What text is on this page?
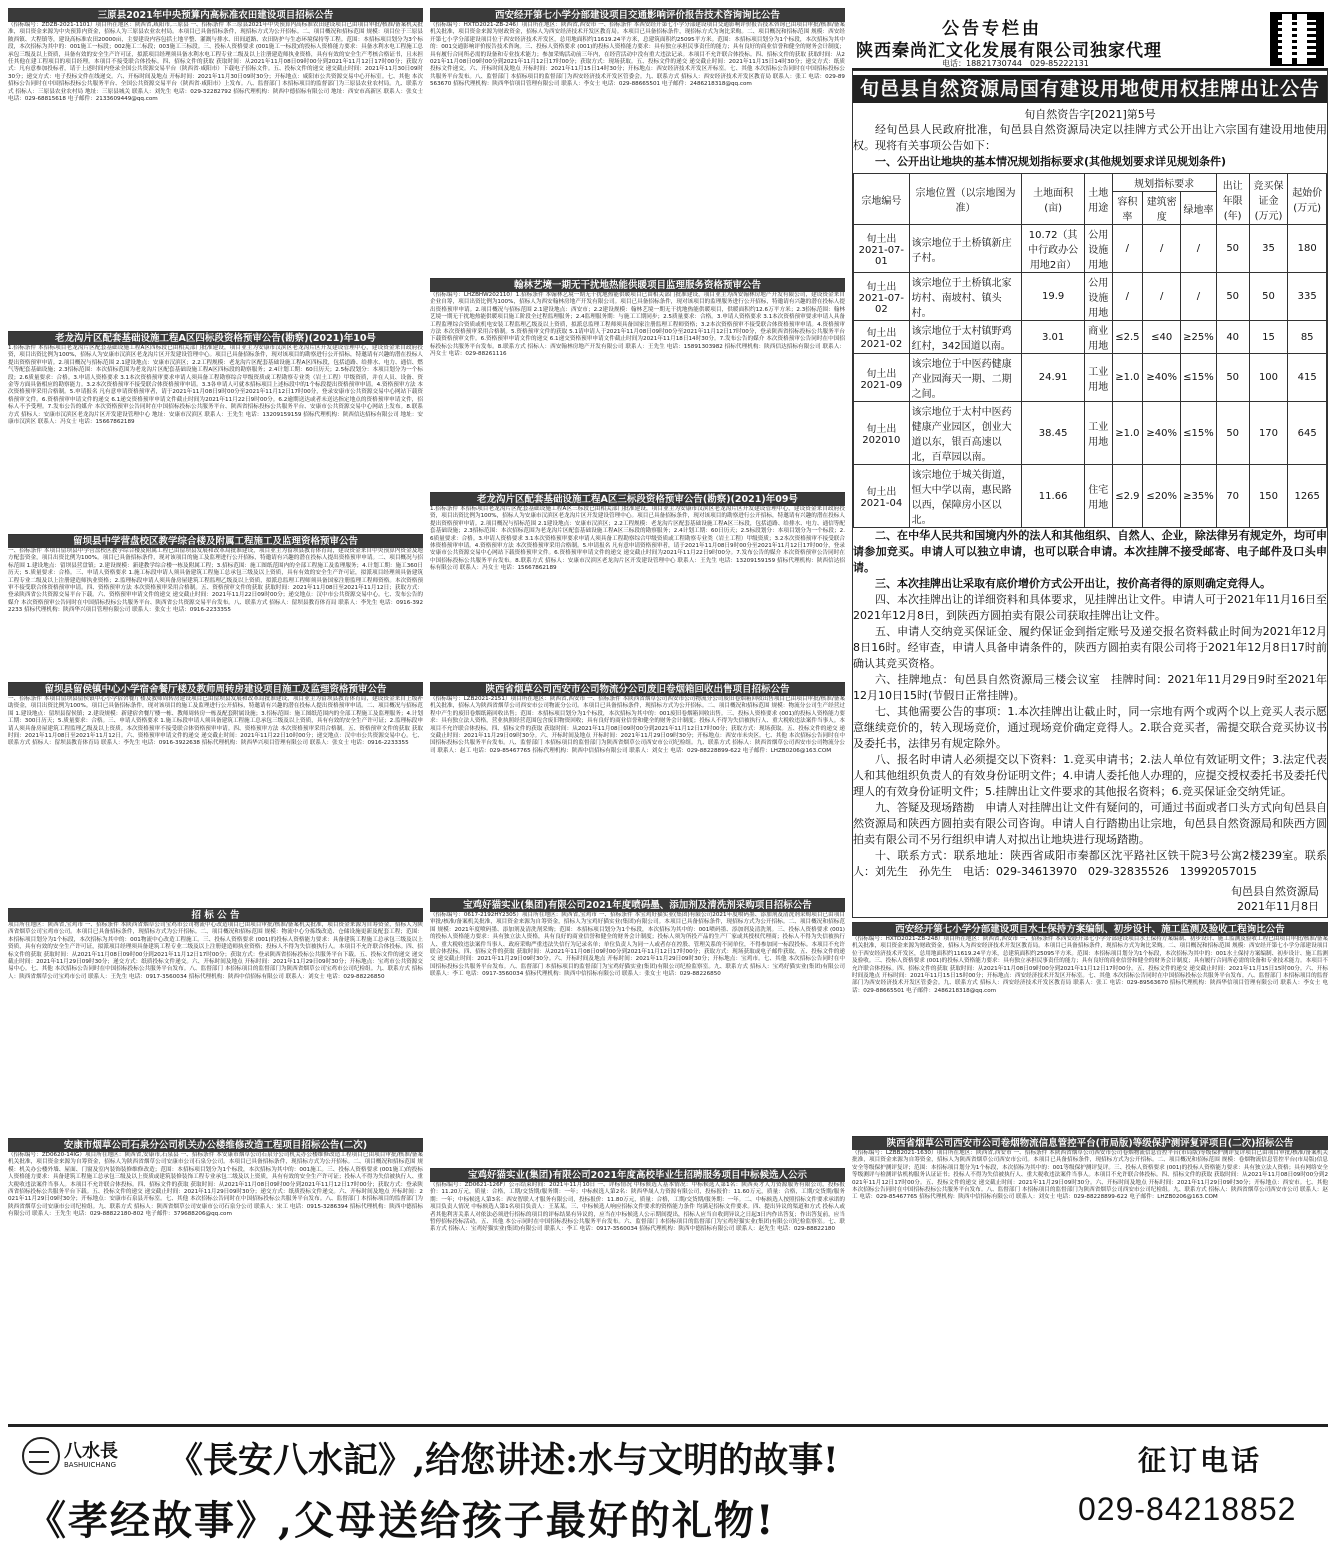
三原县2021年中央预算内高标准农田建设项目招标公告
（招标编号：ZDZB-2021-1101）项目所在地区：陕西省,咸阳市,三原县 一、招标条件 本三原县2021年中央预算内高标准农田建设项目已由项目审批/核准/备案机关批准，项目资金来源为中央预算内资金，招标人为三原县农业农村局。本项目已具备招标条件，现招标方式为公开招标。二、项目概况和招标范围 规模：项目位于三原县陂西镇、大程镇等，建设高标准农田20000亩，主要建设内容包括土地平整、灌溉与排水、田间道路、农田防护与生态环境保持等工程。范围：本招标项目划分为3个标段，本次招标为其中的：001施工一标段；002施工二标段；003施工三标段。三、投标人资格要求 (001施工一标段)的投标人资格能力要求：具备水利水电工程施工总承包三级及以上资质，具备有效的安全生产许可证，拟派项目经理须具备水利水电工程专业二级及以上注册建造师执业资格，具有有效的安全生产考核合格证书，且未担任其他在建工程项目的项目经理。本项目不接受联合体投标。四、招标文件的获取 获取时间：从2021年11月08日09时00分到2021年11月12日17时00分；获取方式：凡有意参加投标者，请于上述时间内登录全国公共资源交易平台（陕西省·咸阳市）下载电子招标文件。五、投标文件的递交 递交截止时间：2021年11月30日09时30分；递交方式：电子投标文件在线递交。六、开标时间及地点 开标时间：2021年11月30日09时30分；开标地点：咸阳市公共资源交易中心开标室。七、其他 本次招标公告同时在中国招标投标公共服务平台、全国公共资源交易平台（陕西省·咸阳市）上发布。八、监督部门 本招标项目的监督部门为三原县农业农村局。九、联系方式 招标人：三原县农业农村局 地址：三原县城关 联系人：刘先生 电话：029-32282792 招标代理机构：陕西中德招标有限公司 地址：西安市高新区 联系人：张女士 电话：029-68815618 电子邮件：2133609449@qq.com
老龙沟片区配套基础设施工程A区四标段资格预审公告(勘察)(2021)年10号
1.招标条件 本招标项目老龙沟片区配套基础设施工程A区四标段已由相关部门批准建设，项目业主为安康市汉滨区老龙沟片区开发建设管理中心，建设资金来自政府投资，项目出资比例为100%，招标人为安康市汉滨区老龙沟片区开发建设管理中心。项目已具备招标条件，现对该项目的勘察进行公开招标，特邀请有兴趣的潜在投标人提出资格预审申请。2.项目概况与招标范围 2.1建设地点：安康市汉滨区；2.2工程规模：老龙沟片区配套基础设施工程A区四标段，包括道路、给排水、电力、通信、燃气等配套基础设施；2.3招标范围：本次招标范围为老龙沟片区配套基础设施工程A区四标段的勘察服务；2.4计划工期：60日历天；2.5标段划分：本项目划分为一个标段；2.6质量要求：合格。3.申请人资格要求 3.1本次资格预审要求申请人须具备工程勘察综合甲级资质或工程勘察专业类（岩土工程）甲级资质，并在人员、设备、资金等方面具备相应的勘察能力。3.2本次资格预审不接受联合体资格预审申请。3.3各申请人可就本招标项目上述标段中的1个标段提出资格预审申请。4.资格预审方法 本次资格预审采用合格制。5.申请报名 凡有意申请资格预审者，请于2021年11月08日9时00分至2021年11月12日17时00分，登录安康市公共资源交易中心网站下载资格预审文件。6.资格预审申请文件的递交 6.1递交资格预审申请文件截止时间为2021年11月22日9时00分。6.2逾期送达或者未送达指定地点的资格预审申请文件，招标人不予受理。7.发布公告的媒介 本次资格预审公告同时在中国招标投标公共服务平台、陕西省招标投标公共服务平台、安康市公共资源交易中心网站上发布。8.联系方式 招标人：安康市汉滨区老龙沟片区开发建设管理中心 地址：安康市汉滨区 联系人：王先生 电话：13209159159 招标代理机构：陕西信达招标有限公司 地址：安康市汉滨区 联系人：冯女士 电话：15667862189
留坝县中学营盘校区教学综合楼及附属工程施工及监理资格预审公告
一、招标条件 本项目留坝县中学营盘校区教学综合楼及附属工程已由留坝县发展和改革局批准建设，项目业主为留坝县教育体育局，建设资金来自中央预算内资金及地方配套资金，项目出资比例为100%。项目已具备招标条件，现对该项目的施工及监理进行公开招标，特邀请有兴趣的潜在投标人提出资格预审申请。二、项目概况与招标范围 1.建设地点：留坝县营盘镇；2.建设规模：新建教学综合楼一栋及附属工程；3.招标范围：施工图纸范围内的全部工程施工及监理服务；4.计划工期：施工360日历天；5.质量要求：合格。三、申请人资格要求 1.施工标段申请人须具备建筑工程施工总承包三级及以上资质，具有有效的安全生产许可证，拟派项目经理须具备建筑工程专业二级及以上注册建造师执业资格；2.监理标段申请人须具备房屋建筑工程监理乙级及以上资质，拟派总监理工程师须具备国家注册监理工程师资格。本次资格预审不接受联合体资格预审申请。四、资格预审方法 本次资格预审采用合格制。五、资格预审文件的获取 获取时间：2021年11月08日至2021年11月12日；获取方式：登录陕西省公共资源交易平台下载。六、资格预审申请文件的递交 递交截止时间：2021年11月22日09时00分；递交地点：汉中市公共资源交易中心。七、发布公告的媒介 本次资格预审公告同时在中国招标投标公共服务平台、陕西省公共资源交易平台发布。八、联系方式 招标人：留坝县教育体育局 联系人：李先生 电话：0916-3922233 招标代理机构：陕西华兴项目管理有限公司 联系人：张女士 电话：0916-2233355
留坝县留侯镇中心小学宿舍餐厅楼及教师周转房建设项目施工及监理资格预审公告
一、招标条件 本项目留坝县留侯镇中心小学宿舍餐厅楼及教师周转房建设项目已由留坝县发展和改革局批准建设，项目业主为留坝县教育体育局，建设资金来自上级补助资金，项目出资比例为100%。项目已具备招标条件，现对该项目的施工及监理进行公开招标，特邀请有兴趣的潜在投标人提出资格预审申请。二、项目概况与招标范围 1.建设地点：留坝县留侯镇；2.建设规模：新建宿舍餐厅楼一栋、教师周转房一栋及配套附属设施；3.招标范围：施工图纸范围内的全部工程施工及监理服务；4.计划工期：300日历天；5.质量要求：合格。三、申请人资格要求 1.施工标段申请人须具备建筑工程施工总承包三级及以上资质，具有有效的安全生产许可证；2.监理标段申请人须具备房屋建筑工程监理乙级及以上资质。本次资格预审不接受联合体资格预审申请。四、资格预审方法 本次资格预审采用合格制。五、资格预审文件的获取 获取时间：2021年11月08日至2021年11月12日。六、资格预审申请文件的递交 递交截止时间：2021年11月22日10时00分；递交地点：汉中市公共资源交易中心。七、联系方式 招标人：留坝县教育体育局 联系人：李先生 电话：0916-3922638 招标代理机构：陕西华兴项目管理有限公司 联系人：张女士 电话：0916-2233355
招 标 公 告
项目所在地区：陕西省,宝鸡市 一、招标条件 本陕西省烟草公司宝鸡市公司物流中心改造项目已由项目审批/核准/备案机关批准，项目资金来源为自筹资金，招标人为陕西省烟草公司宝鸡市公司。本项目已具备招标条件，现招标方式为公开招标。二、项目概况和招标范围 规模：物流中心分拣线改造、仓储设施更新及配套工程；范围：本招标项目划分为1个标段，本次招标为其中的：001物流中心改造工程施工。三、投标人资格要求 (001)的投标人资格能力要求：具备建筑工程施工总承包三级及以上资质，具有有效的安全生产许可证，拟派项目经理须具备建筑工程专业二级及以上注册建造师执业资格；投标人不得为失信被执行人。本项目不允许联合体投标。四、招标文件的获取 获取时间：从2021年11月08日09时00分到2021年11月12日17时00分；获取方式：登录陕西省招标投标公共服务平台下载。五、投标文件的递交 递交截止时间：2021年11月29日09时30分；递交方式：纸质投标文件递交。六、开标时间及地点 开标时间：2021年11月29日09时30分；开标地点：宝鸡市公共资源交易中心。七、其他 本次招标公告同时在中国招标投标公共服务平台发布。八、监督部门 本招标项目的监督部门为陕西省烟草公司宝鸡市公司纪检组。九、联系方式 招标人：陕西省烟草公司宝鸡市公司 联系人：王先生 电话：0917-3560034 招标代理机构：陕西中信招标有限公司 联系人：刘女士 电话：029-88226850
安康市烟草公司石泉分公司机关办公楼维修改造工程项目招标公告(二次)
（招标编号：ZD0620-14IG）项目所在地区：陕西省,安康市,石泉县 一、招标条件 本安康市烟草公司石泉分公司机关办公楼维修改造工程项目已由项目审批/核准/备案机关批准，项目资金来源为自筹资金，招标人为陕西省烟草公司安康市公司石泉分公司。本项目已具备招标条件，现招标方式为公开招标。二、项目概况和招标范围 规模：机关办公楼外墙、屋面、门窗及室内装饰装修维修改造；范围：本招标项目划分为1个标段，本次招标为其中的：001施工。三、投标人资格要求 (001施工)的投标人资格能力要求：具备建筑工程施工总承包三级及以上资质或建筑装修装饰工程专业承包二级及以上资质，具有有效的安全生产许可证；投标人不得为失信被执行人、重大税收违法案件当事人。本项目不允许联合体投标。四、招标文件的获取 获取时间：从2021年11月08日09时00分到2021年11月12日17时00分；获取方式：登录陕西省招标投标公共服务平台下载。五、投标文件的递交 递交截止时间：2021年11月29日09时30分；递交方式：纸质投标文件递交。六、开标时间及地点 开标时间：2021年11月29日09时30分；开标地点：安康市石泉县开标室。七、其他 本次招标公告同时在中国招标投标公共服务平台发布。八、监督部门 本招标项目的监督部门为陕西省烟草公司安康市公司纪检组。九、联系方式 招标人：陕西省烟草公司安康市公司石泉分公司 联系人：宋工 电话：0915-3286394 招标代理机构：陕西中德招标有限公司 联系人：王先生 电话：029-88822180-802 电子邮件：379688206@qq.com
西安经开第七小学分部建设项目交通影响评价报告技术咨询询比公告
（招标编号：HXTD2021-ZB-246）项目所在地区：陕西省,西安市 一、招标条件 本西安经开第七小学分部建设项目交通影响评价报告技术咨询已由项目审批/核准/备案机关批准，项目资金来源为财政资金，招标人为西安经济技术开发区教育局。本项目已具备招标条件，现招标方式为询比采购。二、项目概况和招标范围 规模：西安经开第七小学分部建设项目位于西安经济技术开发区，总用地面积约11619.24平方米，总建筑面积约25095平方米。范围：本招标项目划分为1个标段，本次招标为其中的：001交通影响评价报告技术咨询。三、投标人资格要求 (001)的投标人资格能力要求：具有独立承担民事责任的能力；具有良好的商业信誉和健全的财务会计制度；具有履行合同所必需的设备和专业技术能力；参加采购活动前三年内，在经营活动中没有重大违法记录。本项目不允许联合体投标。四、招标文件的获取 获取时间：从2021年11月08日09时00分到2021年11月12日17时00分；获取方式：现场获取。五、投标文件的递交 递交截止时间：2021年11月15日14时30分；递交方式：纸质投标文件递交。六、开标时间及地点 开标时间：2021年11月15日14时30分；开标地点：西安经济技术开发区开标室。七、其他 本次招标公告同时在中国招标投标公共服务平台发布。八、监督部门 本招标项目的监督部门为西安经济技术开发区管委会。九、联系方式 招标人：西安经济技术开发区教育局 联系人：张工 电话：029-89563670 招标代理机构：陕西华信项目管理有限公司 联系人：李女士 电话：029-88665501 电子邮件：2486218318@qq.com
翰林艺境一期无干扰地热能供暖项目监理服务资格预审公告
（招标编号：LHZBHW202110）1.招标条件 本翰林艺境一期无干扰地热能供暖项目已由相关部门批准建设，项目业主为西安翰林房地产开发有限公司，建设资金来自企业自筹，项目出资比例为100%，招标人为西安翰林房地产开发有限公司。项目已具备招标条件，现对该项目的监理服务进行公开招标，特邀请有兴趣的潜在投标人提出资格预审申请。2.项目概况与招标范围 2.1建设地点：西安市；2.2建设规模：翰林艺境一期无干扰地热能供暖项目，供暖面积约12.6万平方米；2.3招标范围：翰林艺境一期无干扰地热能供暖项目施工阶段全过程监理服务；2.4监理服务期：与施工工期同步；2.5质量要求：合格。3.申请人资格要求 3.1本次资格预审要求申请人具备工程监理综合资质或机电安装工程监理乙级及以上资质，拟派总监理工程师须具备国家注册监理工程师资格；3.2本次资格预审不接受联合体资格预审申请。4.资格预审方法 本次资格预审采用合格制。5.资格预审文件的获取 5.1请申请人于2021年11月08日09时00分至2021年11月12日17时00分，登录陕西省招标投标公共服务平台下载资格预审文件。6.资格预审申请文件的递交 6.1递交资格预审申请文件截止时间为2021年11月18日14时30分。7.发布公告的媒介 本次资格预审公告同时在中国招标投标公共服务平台发布。8.联系方式 招标人：西安翰林房地产开发有限公司 联系人：王先生 电话：15891303982 招标代理机构：陕西信达招标有限公司 联系人：冯女士 电话：029-88261116
老龙沟片区配套基础设施工程A区三标段资格预审公告(勘察)(2021)年09号
1.招标条件 本招标项目老龙沟片区配套基础设施工程A区三标段已由相关部门批准建设，项目业主为安康市汉滨区老龙沟片区开发建设管理中心，建设资金来自政府投资，项目出资比例为100%，招标人为安康市汉滨区老龙沟片区开发建设管理中心。项目已具备招标条件，现对该项目的勘察进行公开招标，特邀请有兴趣的潜在投标人提出资格预审申请。2.项目概况与招标范围 2.1建设地点：安康市汉滨区；2.2工程规模：老龙沟片区配套基础设施工程A区三标段，包括道路、给排水、电力、通信等配套基础设施；2.3招标范围：本次招标范围为老龙沟片区配套基础设施工程A区三标段的勘察服务；2.4计划工期：60日历天；2.5标段划分：本项目划分为一个标段；2.6质量要求：合格。3.申请人资格要求 3.1本次资格预审要求申请人须具备工程勘察综合甲级资质或工程勘察专业类（岩土工程）甲级资质；3.2本次资格预审不接受联合体资格预审申请。4.资格预审方法 本次资格预审采用合格制。5.申请报名 凡有意申请资格预审者，请于2021年11月08日9时00分至2021年11月12日17时00分，登录安康市公共资源交易中心网站下载资格预审文件。6.资格预审申请文件的递交 递交截止时间为2021年11月22日9时00分。7.发布公告的媒介 本次资格预审公告同时在中国招标投标公共服务平台发布。8.联系方式 招标人：安康市汉滨区老龙沟片区开发建设管理中心 联系人：王先生 电话：13209159159 招标代理机构：陕西信达招标有限公司 联系人：冯女士 电话：15667862189
陕西省烟草公司西安市公司物流分公司废旧卷烟箱回收出售项目招标公告
（招标编号：LZB2021-2151）项目所在地区：陕西省,西安市 一、招标条件 本陕西省烟草公司西安市公司物流分公司废旧卷烟箱回收出售项目已由项目审批/核准/备案机关批准，招标人为陕西省烟草公司西安市公司物流分公司。本项目已具备招标条件，现招标方式为公开招标。二、项目概况和招标范围 规模：物流分公司生产经营过程中产生的废旧卷烟纸箱回收出售；范围：本招标项目划分为1个标段，本次招标为其中的：001废旧卷烟箱回收出售。三、投标人资格要求 (001)的投标人资格能力要求：具有独立法人资格，营业执照经营范围包含废旧物资回收；具有良好的商业信誉和健全的财务会计制度；投标人不得为失信被执行人、重大税收违法案件当事人。本项目不允许联合体投标。四、招标文件的获取 获取时间：从2021年11月08日09时00分到2021年11月12日17时00分；获取方式：现场获取。五、投标文件的递交 递交截止时间：2021年11月29日09时30分。六、开标时间及地点 开标时间：2021年11月29日09时30分；开标地点：西安市未央区。七、其他 本次招标公告同时在中国招标投标公共服务平台发布。八、监督部门 本招标项目的监督部门为陕西省烟草公司西安市公司纪检组。九、联系方式 招标人：陕西省烟草公司西安市公司物流分公司 联系人：赵工 电话：029-85467765 招标代理机构：陕西中信招标有限公司 联系人：刘女士 电话：029-88228899-622 电子邮件：LHZB0206@163.COM
宝鸡好猫实业(集团)有限公司2021年度喷码墨、添加剂及清洗剂采购项目招标公告
（招标编号：0617-2192HY2305）项目所在地区：陕西省,宝鸡市 一、招标条件 本宝鸡好猫实业(集团)有限公司2021年度喷码墨、添加剂及清洗剂采购项目已由项目审批/核准/备案机关批准，项目资金来源为自筹资金，招标人为宝鸡好猫实业(集团)有限公司。本项目已具备招标条件，现招标方式为公开招标。二、项目概况和招标范围 规模：2021年度喷码墨、添加剂及清洗剂采购；范围：本招标项目划分为1个标段，本次招标为其中的：001喷码墨、添加剂及清洗剂。三、投标人资格要求 (001)的投标人资格能力要求：具有独立法人资格，具有良好的商业信誉和健全的财务会计制度；投标人须为所投产品的生产厂家或其授权代理商；投标人不得为失信被执行人、重大税收违法案件当事人、政府采购严重违法失信行为记录名单；单位负责人为同一人或者存在控股、管理关系的不同单位，不得参加同一标段投标。本项目不允许联合体投标。四、招标文件的获取 获取时间：从2021年11月08日09时00分到2021年11月12日17时00分；获取方式：现场获取或电子邮件获取。五、投标文件的递交 递交截止时间：2021年11月29日09时30分。六、开标时间及地点 开标时间：2021年11月29日09时30分；开标地点：宝鸡市。七、其他 本次招标公告同时在中国招标投标公共服务平台发布。八、监督部门 本招标项目的监督部门为宝鸡好猫实业(集团)有限公司纪检监察室。九、联系方式 招标人：宝鸡好猫实业(集团)有限公司 联系人：李工 电话：0917-3560034 招标代理机构：陕西中信招标有限公司 联系人：张女士 电话：029-88226850
宝鸡好猫实业(集团)有限公司2021年度高校毕业生招聘服务项目中标候选人公示
（招标编号：ZD0621-126F）公示结束时间：2021年11月10日 一、评标情况 中标候选人基本情况：中标候选人第1名：陕西英才人力资源服务有限公司，投标报价：11.20万元，质量：合格，工期/交货期/服务期：一年；中标候选人第2名：陕西华晟人力资源有限公司，投标报价：11.60万元，质量：合格，工期/交货期/服务期：一年；中标候选人第3名：西安智联人才服务有限公司，投标报价：11.80万元，质量：合格，工期/交货期/服务期：一年。二、中标候选人按照招标文件要求承诺的项目负责人情况 中标候选人第1名项目负责人：王某某。三、中标候选人响应招标文件要求的资格能力条件 均满足招标文件要求。四、提出异议的渠道和方式 投标人或者其他利害关系人对依法必须进行招标的项目的评标结果有异议的，应当在中标候选人公示期间提出，招标人应当自收到异议之日起3日内作出答复；作出答复前，应当暂停招标投标活动。五、其他 本公示同时在中国招标投标公共服务平台发布。六、监督部门 本招标项目的监督部门为宝鸡好猫实业(集团)有限公司纪检监察室。七、联系方式 招标人：宝鸡好猫实业(集团)有限公司 联系人：李工 电话：0917-3560034 招标代理机构：陕西中德招标有限公司 联系人：赵先生 电话：029-88822180
公告专栏由
陕西秦尚汇文化发展有限公司独家代理
电话：18821730744　029-85222131
旬邑县自然资源局国有建设用地使用权挂牌出让公告
旬自然资告字[2021]第5号

经旬邑县人民政府批准，旬邑县自然资源局决定以挂牌方式公开出让六宗国有建设用地使用权。现将有关事项公告如下：

一、公开出让地块的基本情况规划指标要求(其他规划要求详见规划条件)

宗地编号	宗地位置（以宗地图为准）	土地面积(亩)	土地用途	规划指标要求			出让年限(年)	竞买保证金(万元)	起始价(万元)
				容积率	建筑密度	绿地率			
旬土出2021-07-01	该宗地位于土桥镇新庄子村。	10.72（其中行政办公用地2亩）	公用设施用地	/	/	/	50	35	180
旬土出2021-07-02	该宗地位于土桥镇北家坊村、南坡村、镇头村。	19.9	公用设施用地	/	/	/	50	50	335
旬土出2021-02	该宗地位于太村镇野鸡红村，342国道以南。	3.01	商业用地	≤2.5	≤40	≥25%	40	15	85
旬土出2021-09	该宗地位于中医药健康产业园海天一期、二期之间。	24.91	工业用地	≥1.0	≥40%	≤15%	50	100	415
旬土出202010	该宗地位于太村中医药健康产业园区，创业大道以东，银百高速以北，百草园以南。	38.45	工业用地	≥1.0	≥40%	≤15%	50	170	645
旬土出2021-04	该宗地位于城关街道，恒大中学以南，惠民路以西，保障房小区以北。	11.66	住宅用地	≤2.9	≤20%	≥35%	70	150	1265

二、在中华人民共和国境内外的法人和其他组织、自然人、企业，除法律另有规定外，均可申请参加竞买。申请人可以独立申请，也可以联合申请。本次挂牌不接受邮寄、电子邮件及口头申请。

三、本次挂牌出让采取有底价增价方式公开出让，按价高者得的原则确定竞得人。

四、本次挂牌出让的详细资料和具体要求，见挂牌出让文件。申请人可于2021年11月16日至2021年12月8日，到陕西方圆拍卖有限公司获取挂牌出让文件。

五、申请人交纳竞买保证金、履约保证金到指定账号及递交报名资料截止时间为2021年12月8日16时。经审查，申请人具备申请条件的，陕西方圆拍卖有限公司将于2021年12月8日17时前确认其竞买资格。

六、挂牌地点：旬邑县自然资源局三楼会议室　挂牌时间：2021年11月29日9时至2021年12月10日15时(节假日正常挂牌)。

七、其他需要公告的事项：1.本次挂牌出让截止时，同一宗地有两个或两个以上竞买人表示愿意继续竞价的，转入现场竞价，通过现场竞价确定竞得人。2.联合竞买者，需提交联合竞买协议书及委托书，法律另有规定除外。

八、报名时申请人必须提交以下资料：1.竞买申请书；2.法人单位有效证明文件；3.法定代表人和其他组织负责人的有效身份证明文件；4.申请人委托他人办理的，应提交授权委托书及委托代理人的有效身份证明文件；5.挂牌出让文件要求的其他报名资料；6.竞买保证金交纳凭证。

九、答疑及现场踏勘　申请人对挂牌出让文件有疑问的，可通过书面或者口头方式向旬邑县自然资源局和陕西方圆拍卖有限公司咨询。申请人自行踏勘出让宗地，旬邑县自然资源局和陕西方圆拍卖有限公司不另行组织申请人对拟出让地块进行现场踏勘。

十、联系方式：联系地址：陕西省咸阳市秦都区沈平路社区铁干院3号公寓2楼239室。联系人：刘先生　孙先生　电话：029-34613970　029-32835526　13992057015

旬邑县自然资源局
2021年11月8日
西安经开第七小学分部建设项目水土保持方案编制、初步设计、施工监测及验收工程询比公告
（招标编号：HXTD2021-ZB-248）项目所在地区：陕西省,西安市 一、招标条件 本西安经开第七小学分部建设项目水土保持方案编制、初步设计、施工监测及验收工程已由项目审批/核准/备案机关批准，项目资金来源为财政资金，招标人为西安经济技术开发区教育局。本项目已具备招标条件，现招标方式为询比采购。二、项目概况和招标范围 规模：西安经开第七小学分部建设项目位于西安经济技术开发区，总用地面积约11619.24平方米，总建筑面积约25095平方米。范围：本招标项目划分为1个标段，本次招标为其中的：001水土保持方案编制、初步设计、施工监测及验收。三、投标人资格要求 (001)的投标人资格能力要求：具有独立承担民事责任的能力；具有良好的商业信誉和健全的财务会计制度；具有履行合同所必需的设备和专业技术能力。本项目不允许联合体投标。四、招标文件的获取 获取时间：从2021年11月08日09时00分到2021年11月12日17时00分。五、投标文件的递交 递交截止时间：2021年11月15日15时00分。六、开标时间及地点 开标时间：2021年11月15日15时00分；开标地点：西安经济技术开发区开标室。七、其他 本次招标公告同时在中国招标投标公共服务平台发布。八、监督部门 本招标项目的监督部门为西安经济技术开发区管委会。九、联系方式 招标人：西安经济技术开发区教育局 联系人：张工 电话：029-89563670 招标代理机构：陕西华信项目管理有限公司 联系人：李女士 电话：029-88665501 电子邮件：2486218318@qq.com
陕西省烟草公司西安市公司卷烟物流信息管控平台(市局版)等级保护测评复评项目(二次)招标公告
（招标编号：LZBB2021-1630）项目所在地区：陕西省,西安市 一、招标条件 本陕西省烟草公司西安市公司卷烟物流信息管控平台(市局版)等级保护测评复评项目已由项目审批/核准/备案机关批准，项目资金来源为自筹资金，招标人为陕西省烟草公司西安市公司。本项目已具备招标条件，现招标方式为公开招标。二、项目概况和招标范围 规模：卷烟物流信息管控平台(市局版)信息安全等级保护测评复评；范围：本招标项目划分为1个标段，本次招标为其中的：001等级保护测评复评。三、投标人资格要求 (001)的投标人资格能力要求：具有独立法人资格；具有网络安全等级测评与检测评估机构服务认证证书；投标人不得为失信被执行人、重大税收违法案件当事人。本项目不允许联合体投标。四、招标文件的获取 获取时间：从2021年11月08日09时00分到2021年11月12日17时00分。五、投标文件的递交 递交截止时间：2021年11月29日09时30分。六、开标时间及地点 开标时间：2021年11月29日09时30分；开标地点：西安市。七、其他 本次招标公告同时在中国招标投标公共服务平台发布。八、监督部门 本招标项目的监督部门为陕西省烟草公司西安市公司纪检组。九、联系方式 招标人：陕西省烟草公司西安市公司 联系人：赵工 电话：029-85467765 招标代理机构：陕西中信招标有限公司 联系人：刘女士 电话：029-88228899-622 电子邮件：LHZB0206@163.COM
八水長
BASHUICHANG 《長安八水記》,给您讲述:水与文明的故事!
《孝经故事》,父母送给孩子最好的礼物!
征订电话
029-84218852
